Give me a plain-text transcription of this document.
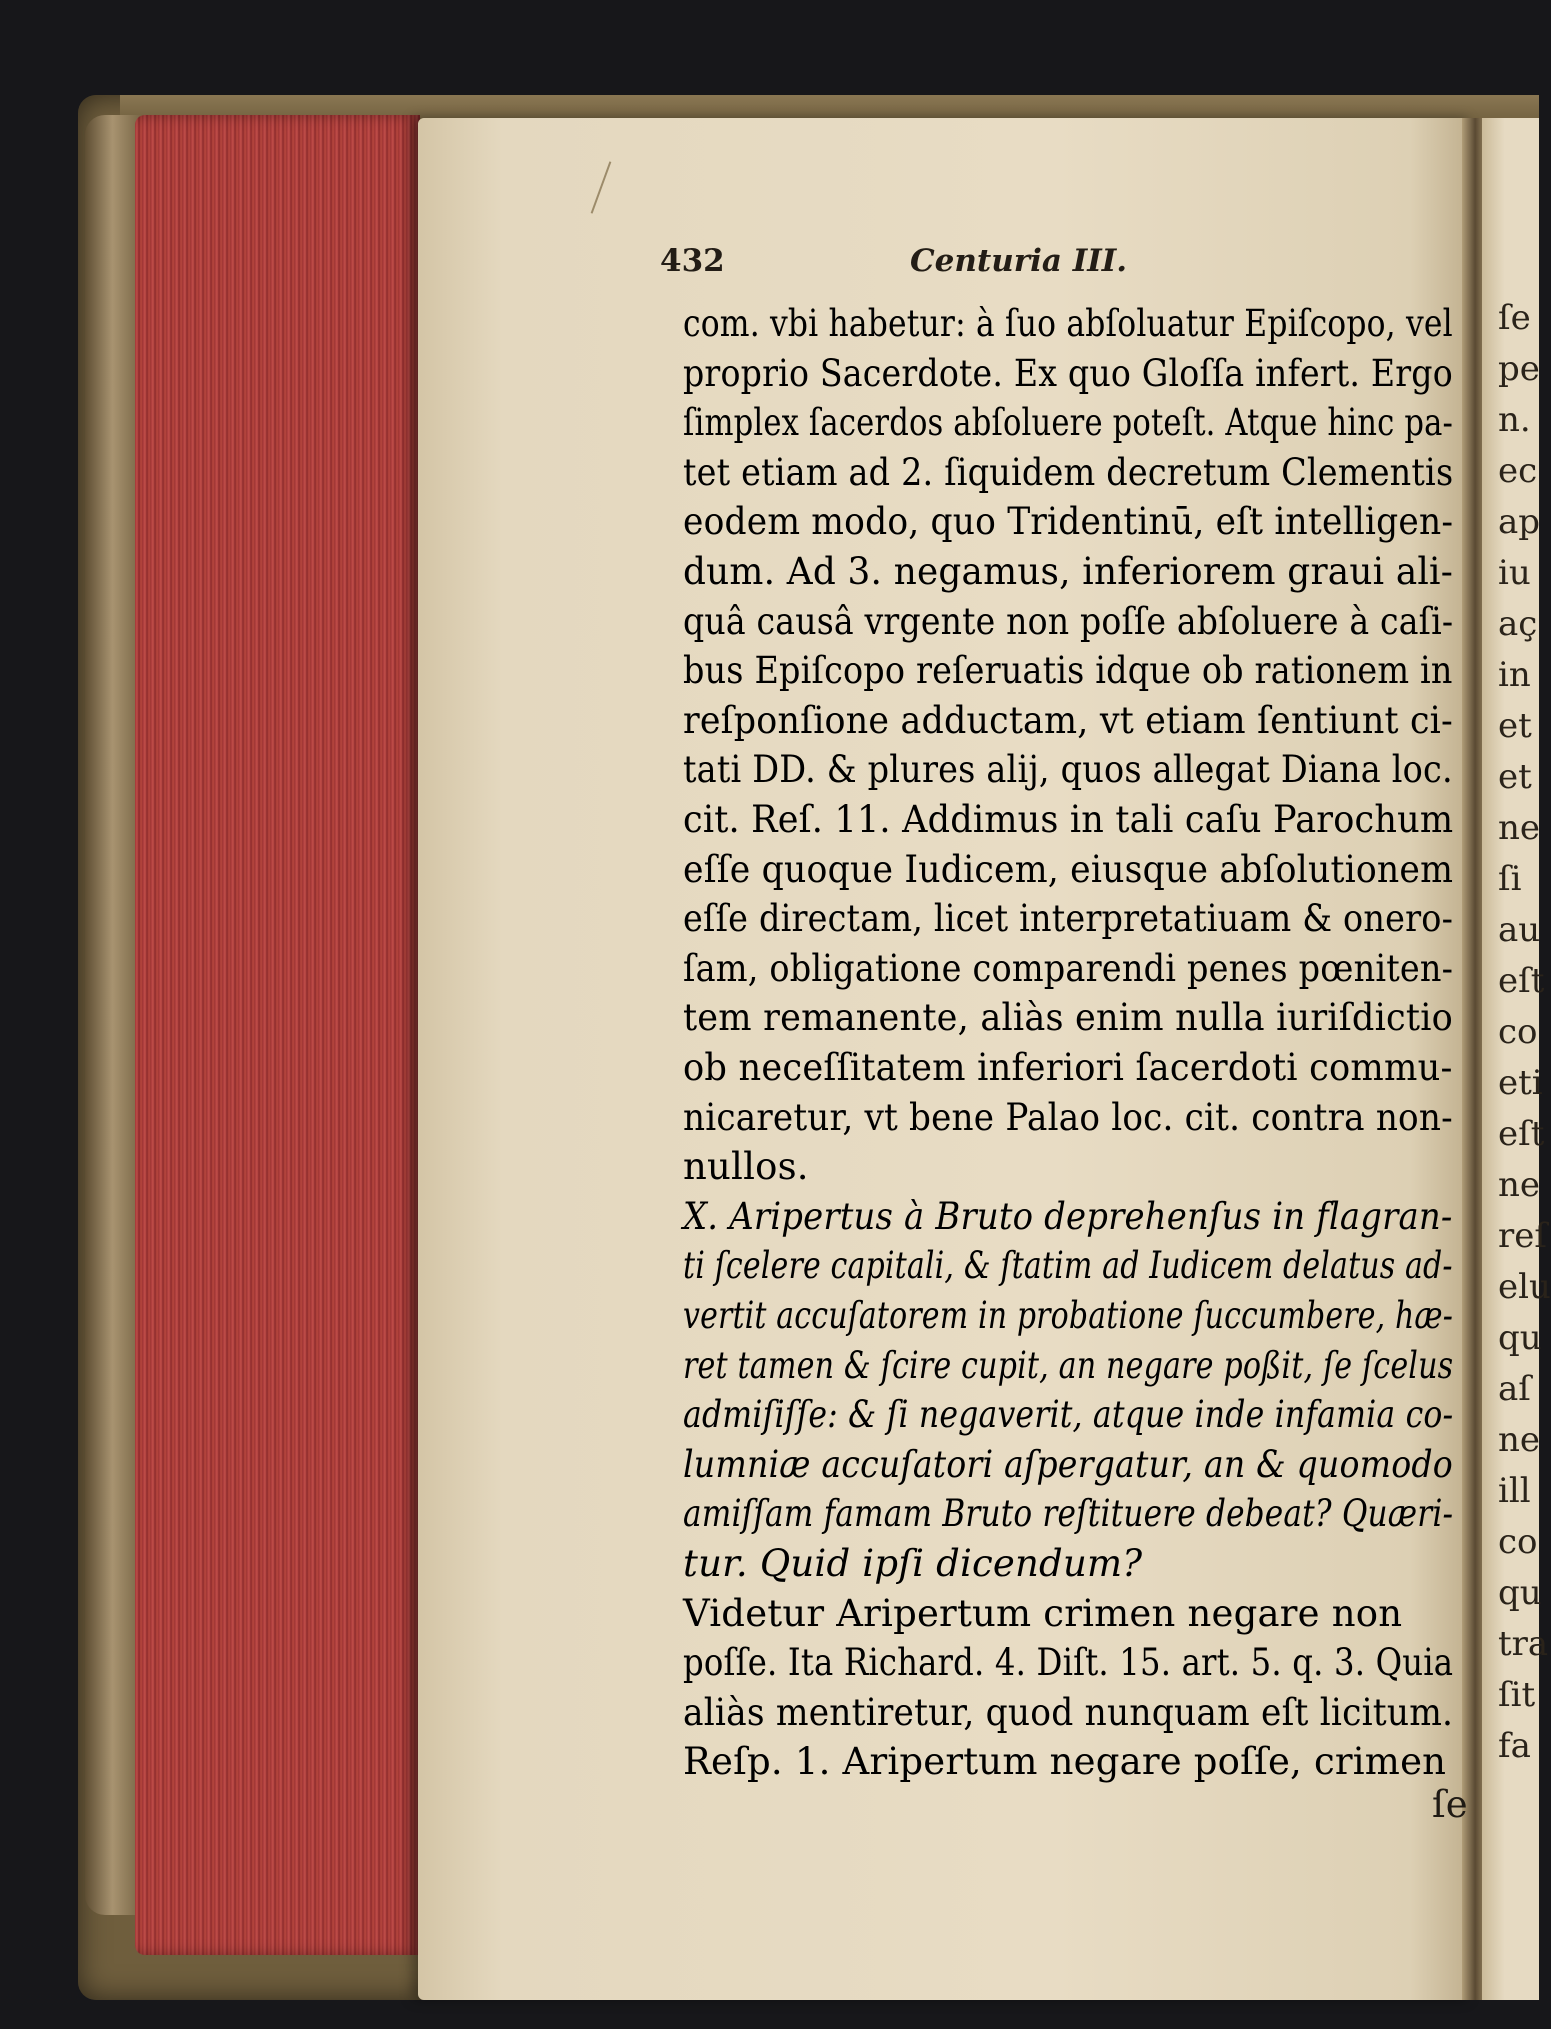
ſe
pe
n.
ec
ap
iu
aç
in
et
et
ne
ſi
au
eſt
co
eti
eſt
ne
reſ
elu
qu
aſ
ne
ill
co
qu
tra
ſit
fa
432	Centuria III.
com. vbi habetur: à ſuo abſoluatur Epiſcopo, vel
proprio Sacerdote. Ex quo Gloſſa infert. Ergo
ſimplex ſacerdos abſoluere poteſt. Atque hinc pa-
tet etiam ad 2. ſiquidem decretum Clementis
eodem modo, quo Tridentinū, eſt intelligen-
dum. Ad 3. negamus, inferiorem graui ali-
quâ causâ vrgente non poſſe abſoluere à caſi-
bus Epiſcopo reſeruatis idque ob rationem in
reſponſione adductam, vt etiam ſentiunt ci-
tati DD. & plures alij, quos allegat Diana loc.
cit. Reſ. 11. Addimus in tali caſu Parochum
eſſe quoque Iudicem, eiusque abſolutionem
eſſe directam, licet interpretatiuam & onero-
ſam, obligatione comparendi penes pœniten-
tem remanente, aliàs enim nulla iuriſdictio
ob neceſſitatem inferiori ſacerdoti commu-
nicaretur, vt bene Palao loc. cit. contra non-
nullos.
X. Aripertus à Bruto deprehenſus in flagran-
ti ſcelere capitali, & ſtatim ad Iudicem delatus ad-
vertit accuſatorem in probatione ſuccumbere, hæ-
ret tamen & ſcire cupit, an negare poßit, ſe ſcelus
admiſiſſe: & ſi negaverit, atque inde infamia co-
lumniæ accuſatori aſpergatur, an & quomodo
amiſſam famam Bruto reſtituere debeat? Quæri-
tur. Quid ipſi dicendum?
Videtur Aripertum crimen negare non
poſſe. Ita Richard. 4. Diſt. 15. art. 5. q. 3. Quia
aliàs mentiretur, quod nunquam eſt licitum.
Reſp. 1. Aripertum negare poſſe, crimen
ſe
